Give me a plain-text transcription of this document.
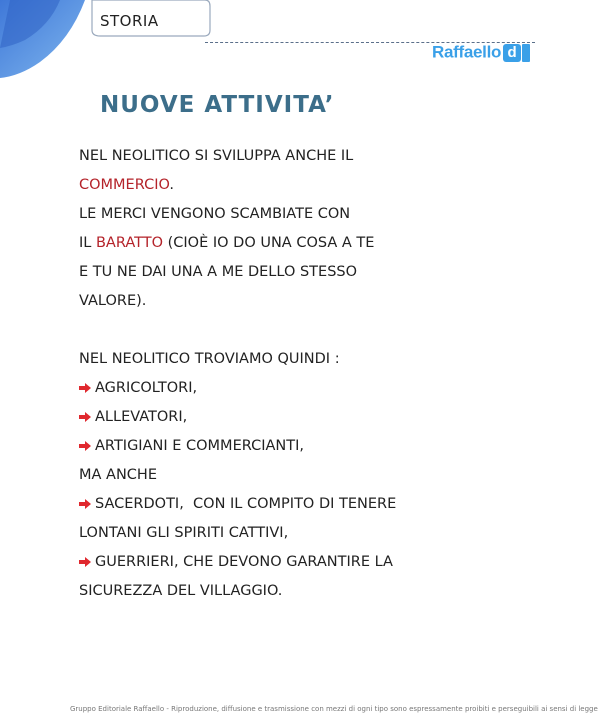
STORIA
Raffaello d
NUOVE ATTIVITA’
NEL NEOLITICO SI SVILUPPA ANCHE IL
COMMERCIO.
LE MERCI VENGONO SCAMBIATE CON
IL BARATTO (CIOÈ IO DO UNA COSA A TE
E TU NE DAI UNA A ME DELLO STESSO
VALORE).
NEL NEOLITICO TROVIAMO QUINDI :
AGRICOLTORI,
ALLEVATORI,
ARTIGIANI E COMMERCIANTI,
MA ANCHE
SACERDOTI,  CON IL COMPITO DI TENERE
LONTANI GLI SPIRITI CATTIVI,
GUERRIERI, CHE DEVONO GARANTIRE LA
SICUREZZA DEL VILLAGGIO.
Gruppo Editoriale Raffaello - Riproduzione, diffusione e trasmissione con mezzi di ogni tipo sono espressamente proibiti e perseguibili ai sensi di legge
